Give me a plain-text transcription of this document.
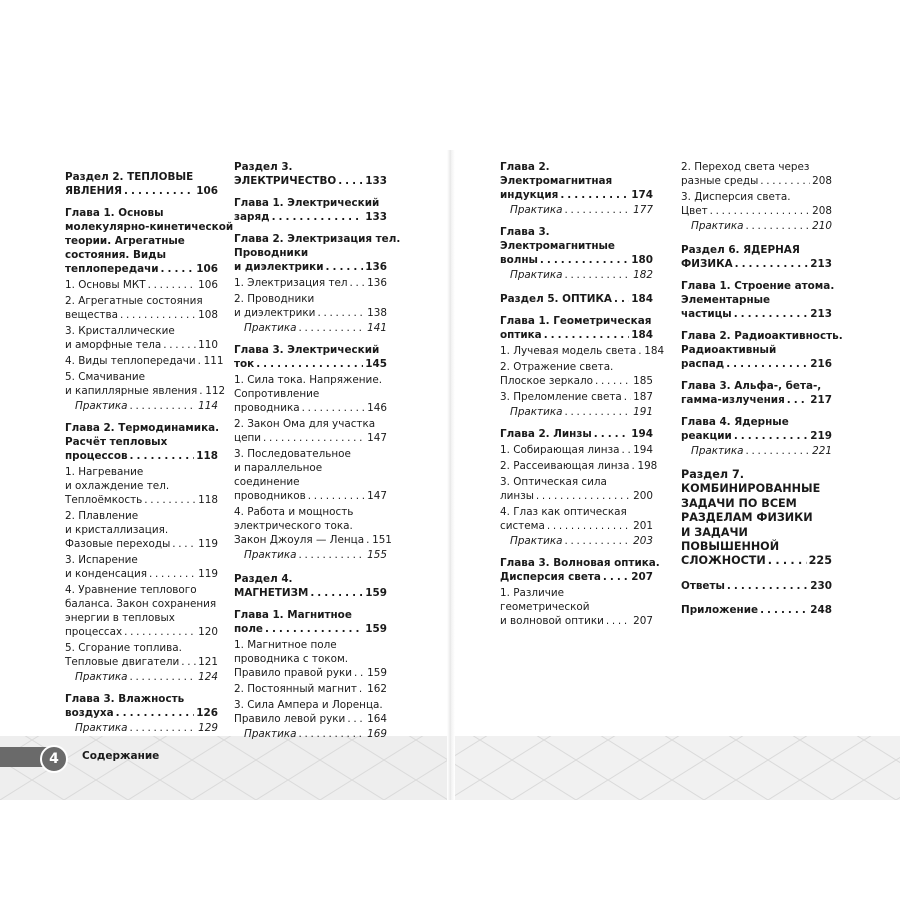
Раздел 2. ТЕПЛОВЫЕ
ЯВЛЕНИЯ . . .	106
Глава 1. Основы
молекулярно-кинетической
теории. Агрегатные
состояния. Виды
теплопередачи . . .	106
1. Основы МКТ . . .	106
2. Агрегатные состояния
вещества . . .	108
3. Кристаллические
и аморфные тела . . .	110
4. Виды теплопередачи . . . 111
5. Смачивание
и капиллярные явления . . . 112
Практика . . .	114
Глава 2. Термодинамика.
Расчёт тепловых
процессов . . .	118
1. Нагревание
и охлаждение тел.
Теплоёмкость . . .	118
2. Плавление
и кристаллизация.
Фазовые переходы . . .	119
3. Испарение
и конденсация . . .	119
4. Уравнение теплового
баланса. Закон сохранения
энергии в тепловых
процессах . . .	120
5. Сгорание топлива.
Тепловые двигатели . . . 121
Практика . . .	124
Глава 3. Влажность
воздуха . . .	126
Практика . . .	129
Раздел 3.
ЭЛЕКТРИЧЕСТВО . . .	133
Глава 1. Электрический
заряд . . .	133
Глава 2. Электризация тел.
Проводники
и диэлектрики . . .	136
1. Электризация тел . . . 136
2. Проводники
и диэлектрики . . .	138
Практика . . .	141
Глава 3. Электрический
ток . . .	145
1. Сила тока. Напряжение.
Сопротивление
проводника . . .	146
2. Закон Ома для участка
цепи . . .	147
3. Последовательное
и параллельное
соединение
проводников . . .	147
4. Работа и мощность
электрического тока.
Закон Джоуля — Ленца . . . 151
Практика . . .	155
Раздел 4.
МАГНЕТИЗМ . . .	159
Глава 1. Магнитное
поле . . .	159
1. Магнитное поле
проводника с током.
Правило правой руки . . . 159
2. Постоянный магнит . . . 162
3. Сила Ампера и Лоренца.
Правило левой руки . . . 164
Практика . . .	169
Глава 2.
Электромагнитная
индукция . . .	174
Практика . . .	177
Глава 3.
Электромагнитные
волны . . .	180
Практика . . .	182
Раздел 5. ОПТИКА . . . 184
Глава 1. Геометрическая
оптика . . .	184
1. Лучевая модель света . . . 184
2. Отражение света.
Плоское зеркало . . .	185
3. Преломление света . . . 187
Практика . . .	191
Глава 2. Линзы . . .	194
1. Собирающая линза . . . 194
2. Рассеивающая линза . . . 198
3. Оптическая сила
линзы . . .	200
4. Глаз как оптическая
система . . .	201
Практика . . .	203
Глава 3. Волновая оптика.
Дисперсия света . . .	207
1. Различие
геометрической
и волновой оптики . . .	207
2. Переход света через
разные среды . . .	208
3. Дисперсия света.
Цвет . . .	208
Практика . . .	210
Раздел 6. ЯДЕРНАЯ
ФИЗИКА . . .	213
Глава 1. Строение атома.
Элементарные
частицы . . .	213
Глава 2. Радиоактивность.
Радиоактивный
распад . . .	216
Глава 3. Альфа-, бета-,
гамма-излучения . . . 217
Глава 4. Ядерные
реакции . . .	219
Практика . . .	221
Раздел 7.
КОМБИНИРОВАННЫЕ
ЗАДАЧИ ПО ВСЕМ
РАЗДЕЛАМ ФИЗИКИ
И ЗАДАЧИ
ПОВЫШЕННОЙ
СЛОЖНОСТИ . . .	225
Ответы . . .	230
Приложение . . .	248
4	Содержание
